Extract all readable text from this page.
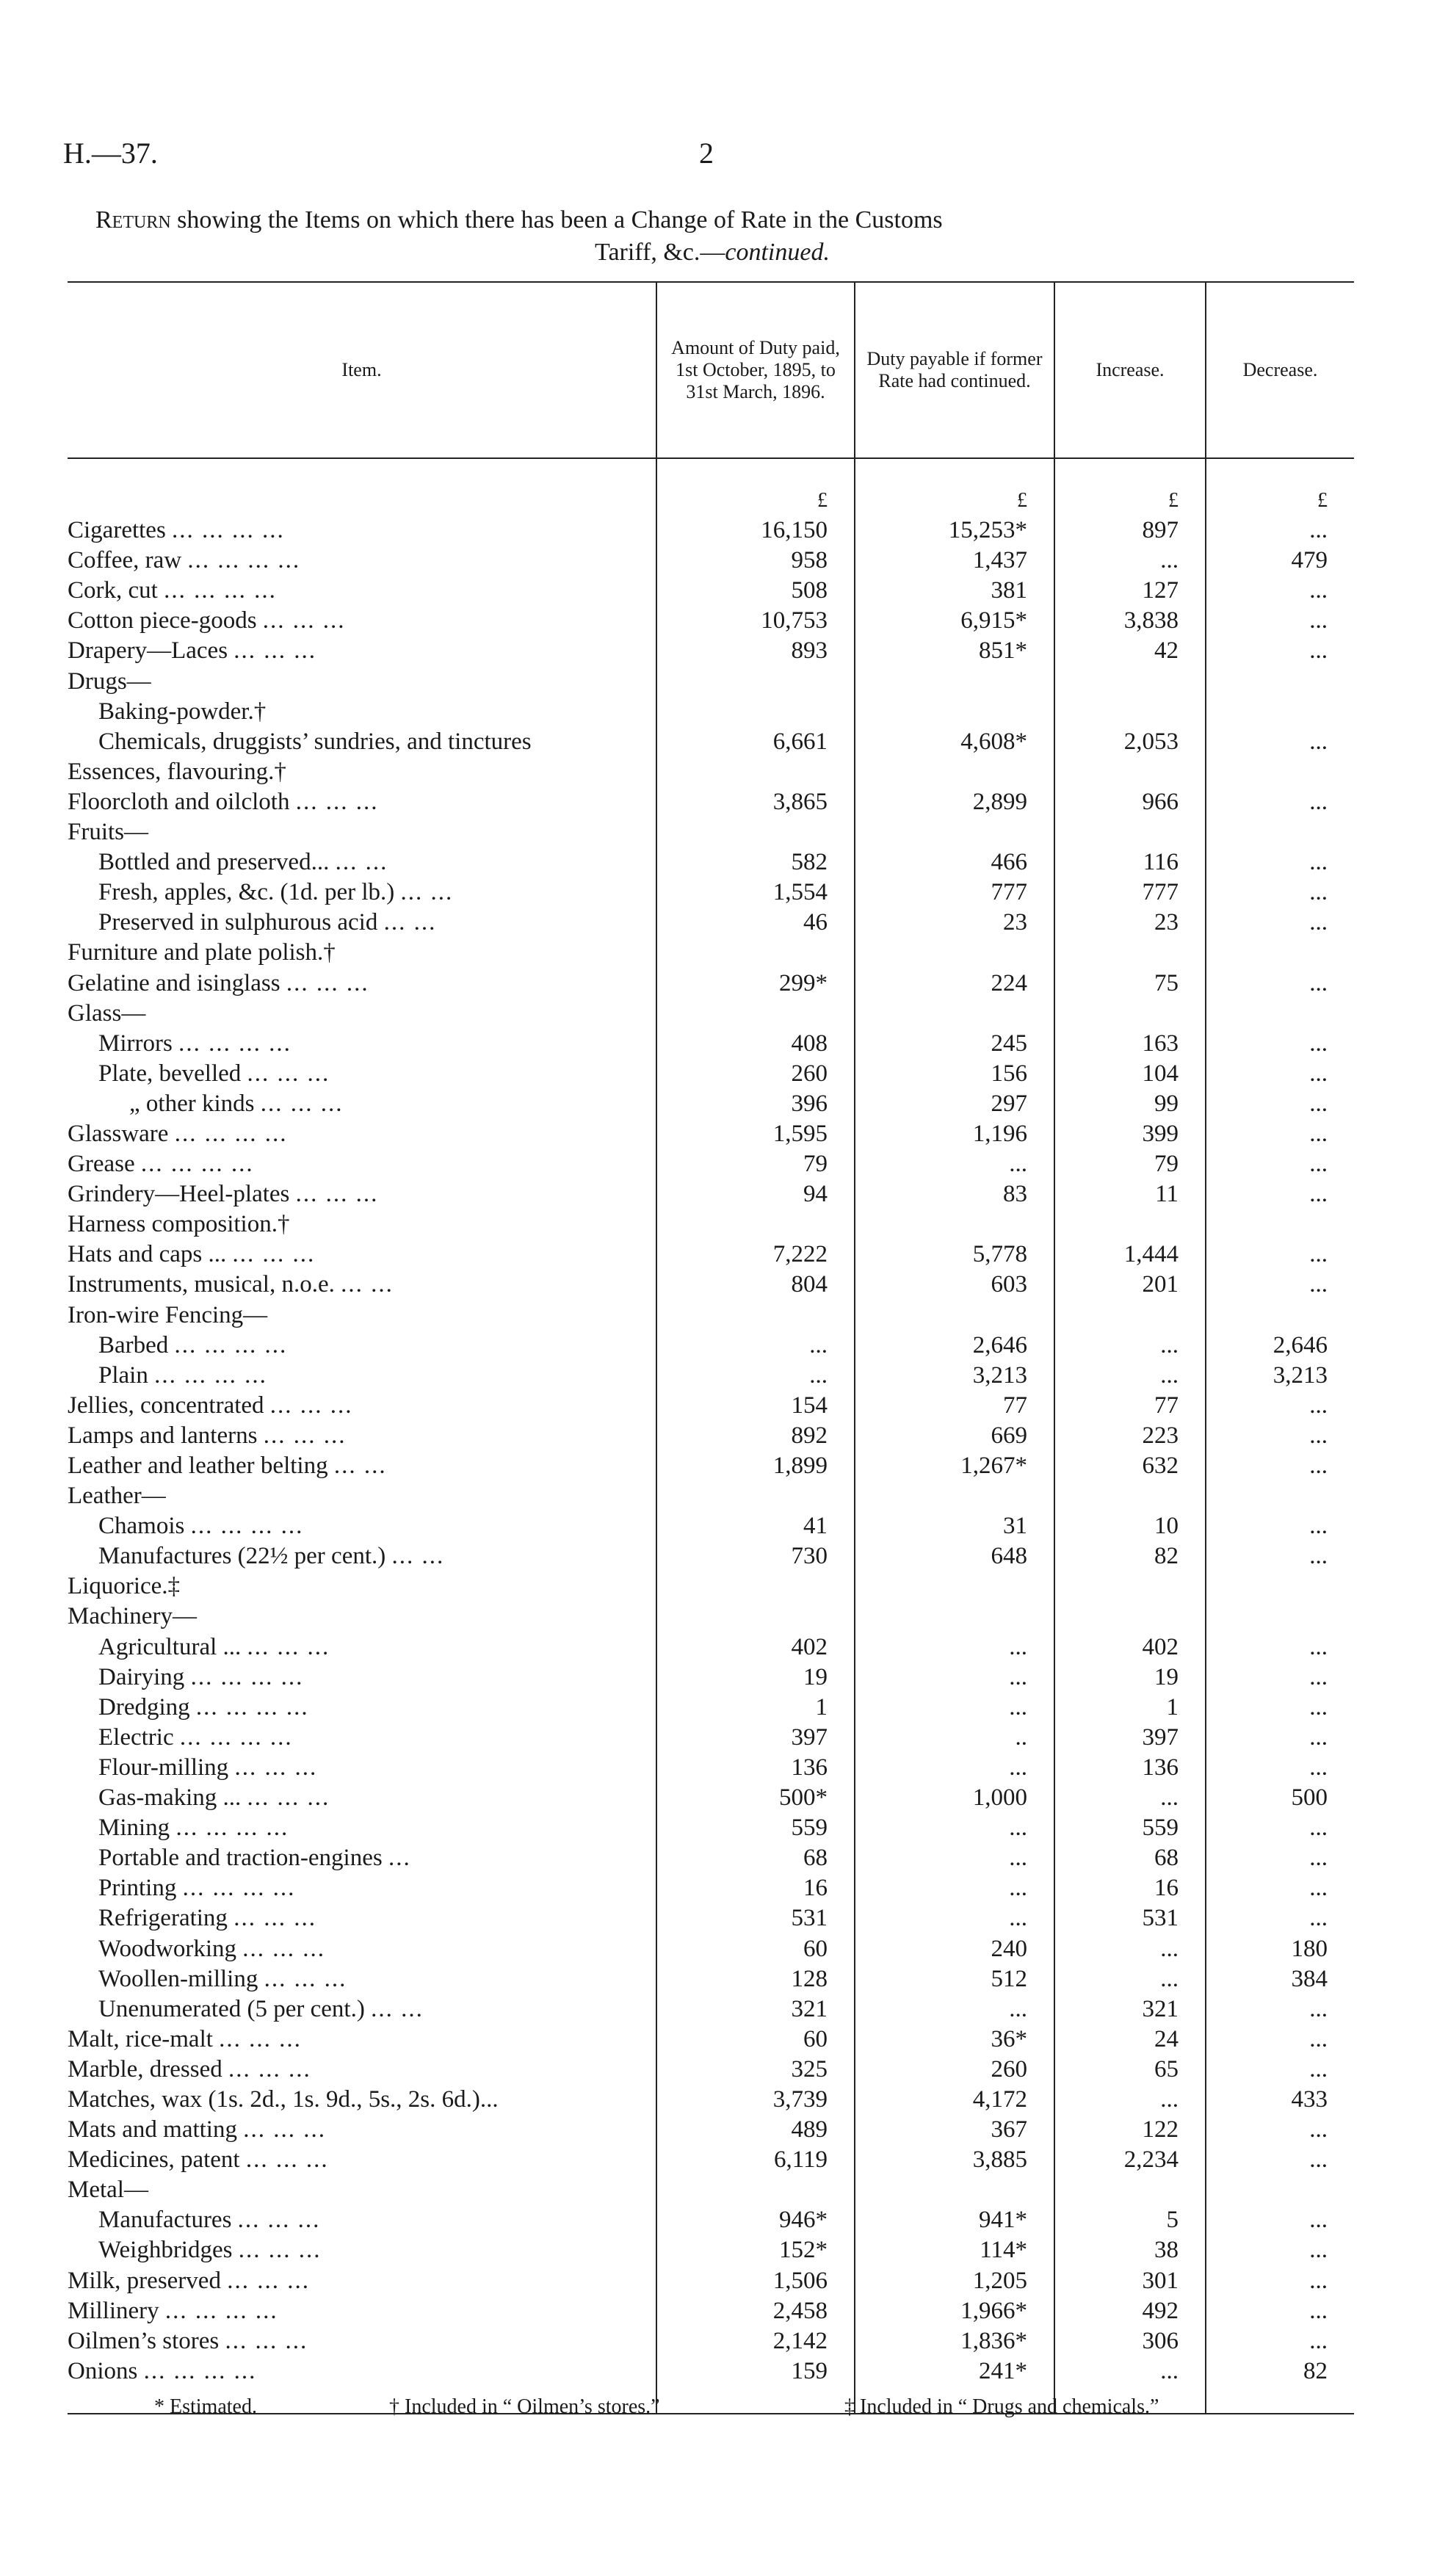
H.—37.	2
Return showing the Items on which there has been a Change of Rate in the Customs
Tariff, &c.—continued.
Item.	Amount of Duty paid, 1st October, 1895, to 31st March, 1896.	Duty payable if former Rate had continued.	Increase.	Decrease.

	£	£	£	£
Cigarettes ... ... ... ...	16,150	15,253*	897	...
Coffee, raw ... ... ... ...	958	1,437	...	479
Cork, cut ... ... ... ...	508	381	127	...
Cotton piece-goods ... ... ...	10,753	6,915*	3,838	...
Drapery—Laces ... ... ...	893	851*	42	...
Drugs—				
Baking-powder.†				
Chemicals, druggists’ sundries, and tinctures	6,661	4,608*	2,053	...
Essences, flavouring.†				
Floorcloth and oilcloth ... ... ...	3,865	2,899	966	...
Fruits—				
Bottled and preserved... ... ...	582	466	116	...
Fresh, apples, &c. (1d. per lb.) ... ...	1,554	777	777	...
Preserved in sulphurous acid ... ...	46	23	23	...
Furniture and plate polish.†				
Gelatine and isinglass ... ... ...	299*	224	75	...
Glass—				
Mirrors ... ... ... ...	408	245	163	...
Plate, bevelled ... ... ...	260	156	104	...
„ other kinds ... ... ...	396	297	99	...
Glassware ... ... ... ...	1,595	1,196	399	...
Grease ... ... ... ...	79	...	79	...
Grindery—Heel-plates ... ... ...	94	83	11	...
Harness composition.†				
Hats and caps ... ... ... ...	7,222	5,778	1,444	...
Instruments, musical, n.o.e. ... ...	804	603	201	...
Iron-wire Fencing—				
Barbed ... ... ... ...	...	2,646	...	2,646
Plain ... ... ... ...	...	3,213	...	3,213
Jellies, concentrated ... ... ...	154	77	77	...
Lamps and lanterns ... ... ...	892	669	223	...
Leather and leather belting ... ...	1,899	1,267*	632	...
Leather—				
Chamois ... ... ... ...	41	31	10	...
Manufactures (22½ per cent.) ... ...	730	648	82	...
Liquorice.‡				
Machinery—				
Agricultural ... ... ... ...	402	...	402	...
Dairying ... ... ... ...	19	...	19	...
Dredging ... ... ... ...	1	...	1	...
Electric ... ... ... ...	397	..	397	...
Flour-milling ... ... ...	136	...	136	...
Gas-making ... ... ... ...	500*	1,000	...	500
Mining ... ... ... ...	559	...	559	...
Portable and traction-engines ...	68	...	68	...
Printing ... ... ... ...	16	...	16	...
Refrigerating ... ... ...	531	...	531	...
Woodworking ... ... ...	60	240	...	180
Woollen-milling ... ... ...	128	512	...	384
Unenumerated (5 per cent.) ... ...	321	...	321	...
Malt, rice-malt ... ... ...	60	36*	24	...
Marble, dressed ... ... ...	325	260	65	...
Matches, wax (1s. 2d., 1s. 9d., 5s., 2s. 6d.)...	3,739	4,172	...	433
Mats and matting ... ... ...	489	367	122	...
Medicines, patent ... ... ...	6,119	3,885	2,234	...
Metal—				
Manufactures ... ... ...	946*	941*	5	...
Weighbridges ... ... ...	152*	114*	38	...
Milk, preserved ... ... ...	1,506	1,205	301	...
Millinery ... ... ... ...	2,458	1,966*	492	...
Oilmen’s stores ... ... ...	2,142	1,836*	306	...
Onions ... ... ... ...	159	241*	...	82
* Estimated.	† Included in “ Oilmen’s stores.”	‡ Included in “ Drugs and chemicals.”
